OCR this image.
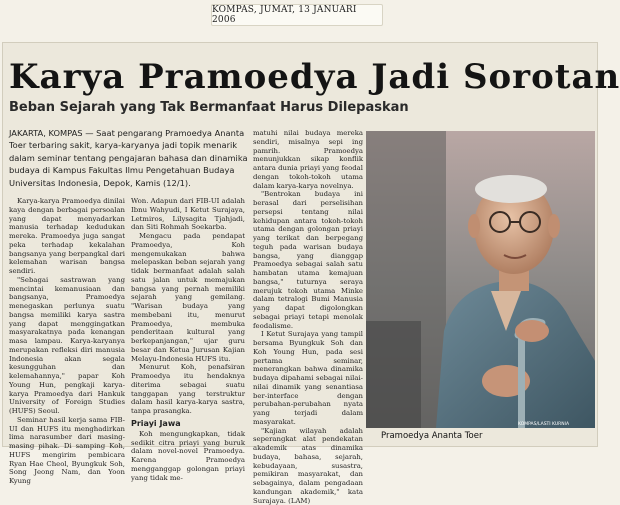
KOMPAS, JUMAT, 13 JANUARI 2006
Karya Pramoedya Jadi Sorotan
Beban Sejarah yang Tak Bermanfaat Harus Dilepaskan

JAKARTA, KOMPAS — Saat pengarang Pramoedya Ananta Toer terbaring sakit, karya-karyanya jadi topik menarik dalam seminar tentang pengajaran bahasa dan dinamika budaya di Kampus Fakultas Ilmu Pengetahuan Budaya Universitas Indonesia, Depok, Kamis (12/1).

Karya-karya Pramoedya dinilai kaya dengan berbagai persoalan yang dapat menyadarkan manusia terhadap kedudukan mereka. Pramoedya juga sangat peka terhadap kekalahan bangsanya yang berpangkal dari kelemahan warisan bangsa sendiri.

"Sebagai sastrawan yang mencintai kemanusiaan dan bangsanya, Pramoedya menegaskan perlunya suatu bangsa memiliki karya sastra yang dapat menggingatkan masyarakatnya pada kenangan masa lampau. Karya-karyanya merupakan refleksi diri manusia Indonesia akan segala kesungguhan dan kelemahannya," papar Koh Young Hun, pengkaji karya-karya Pramoedya dari Hankuk University of Foreign Studies (HUFS) Seoul.

Seminar hasil kerja sama FIB-UI dan HUFS itu menghadirkan lima narasumber dari masing-masing pihak. Di samping Koh, HUFS mengirim pembicara Ryan Hae Cheol, Byungkuk Soh, Song Jeong Nam, dan Yoon Kyung

Won. Adapun dari FIB-UI adalah Ibnu Wahyudi, I Ketut Surajaya, Letmiros, Lilysagita Tjahjadi, dan Siti Rohmah Soekarba.

Mengacu pada pendapat Pramoedya, Koh mengemukakan bahwa melepaskan beban sejarah yang tidak bermanfaat adalah salah satu jalan untuk memajukan bangsa yang pernah memiliki sejarah yang gemilang. "Warisan budaya yang membebani itu, menurut Pramoedya, membuka penderitaan kultural yang berkepanjangan," ujar guru besar dan Ketua Jurusan Kajian Melayu-Indonesia HUFS itu.

Menurut Koh, penafsiran Pramoedya itu hendaknya diterima sebagai suatu tanggapan yang terstruktur dalam hasil karya-karya sastra, tanpa prasangka.

Priayi Jawa

Koh mengungkapkan, tidak sedikit citra priayi yang buruk dalam novel-novel Pramoedya. Karena Pramoedya mengganggap golongan priayi yang tidak me-

matuhi nilai budaya mereka sendiri, misalnya sepi ing pamrih. Pramoedya menunjukkan sikap konflik antara dunia priayi yang feodal dengan tokoh-tokoh utama dalam karya-karya novelnya.

"Bentrokan budaya ini berasal dari perselisihan persepsi tentang nilai kehidupan antara tokoh-tokoh utama dengan golongan priayi yang terikat dan berpegang teguh pada warisan budaya bangsa, yang dianggap Pramoedya sebagai salah satu hambatan utama kemajuan bangsa," tuturnya seraya merujuk tokoh utama Minke dalam tetralogi Bumi Manusia yang dapat digolongkan sebagai priayi tetapi menolak feodalisme.

I Ketut Surajaya yang tampil bersama Byungkuk Soh dan Koh Young Hun, pada sesi pertama seminar, menerangkan bahwa dinamika budaya dipahami sebagai nilai-nilai dinamik yang senantiasa ber-interface dengan perubahan-perubahan nyata yang terjadi dalam masyarakat.

"Kajian wilayah adalah seperangkat alat pendekatan akademik atas dinamika budaya, bahasa, sejarah, kebudayaan, susastra, pemikiran masyarakat, dan sebagainya, dalam pengadaan kandungan akademik," kata Surajaya. (LAM)

KOMPAS/LASTI KURNIA
Pramoedya Ananta Toer
